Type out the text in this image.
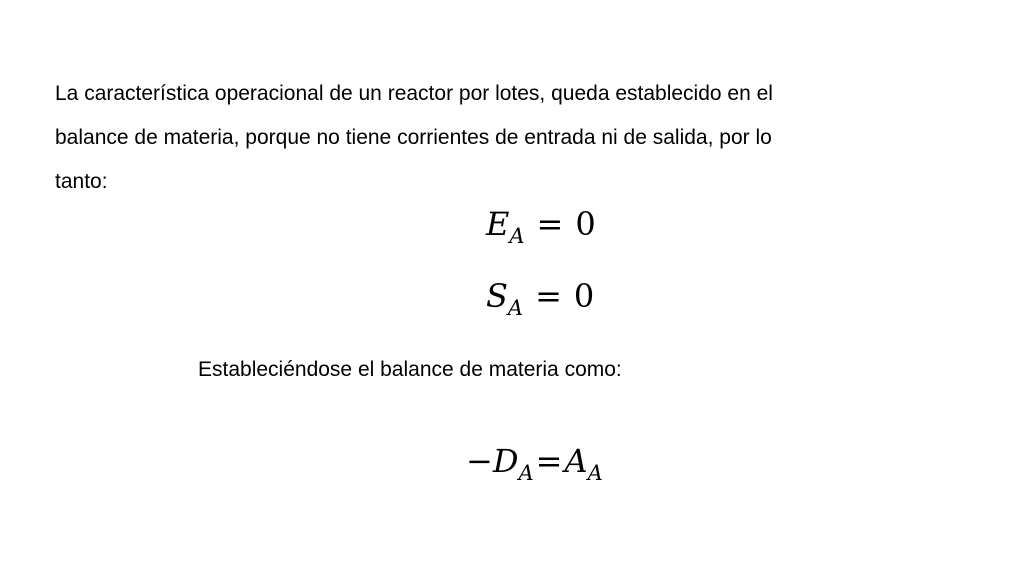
La característica operacional de un reactor por lotes, queda establecido en el
balance de materia, porque no tiene corrientes de entrada ni de salida, por lo
tanto:

$E_A = 0$
$S_A = 0$
Estableciéndose el balance de materia como:
$-D_A=A_A$
